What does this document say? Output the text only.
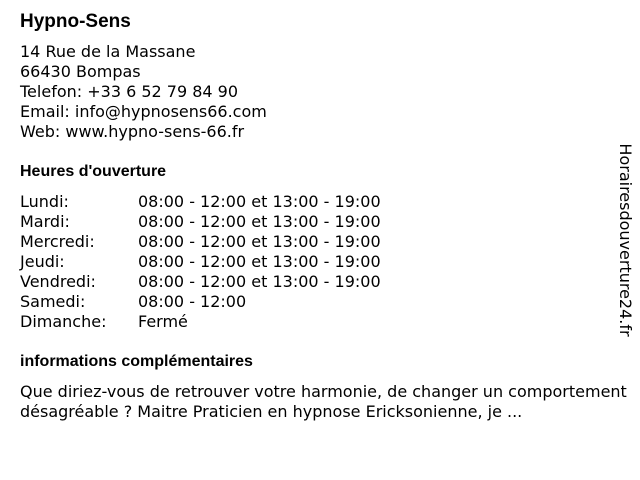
Hypno-Sens
14 Rue de la Massane
66430 Bompas
Telefon: +33 6 52 79 84 90
Email: info@hypnosens66.com
Web: www.hypno-sens-66.fr
Heures d'ouverture
Lundi:	08:00 - 12:00 et 13:00 - 19:00
Mardi:	08:00 - 12:00 et 13:00 - 19:00
Mercredi:	08:00 - 12:00 et 13:00 - 19:00
Jeudi:	08:00 - 12:00 et 13:00 - 19:00
Vendredi:	08:00 - 12:00 et 13:00 - 19:00
Samedi:	08:00 - 12:00
Dimanche:	Fermé
informations complémentaires

Que diriez-vous de retrouver votre harmonie, de changer un comportement désagréable ? Maitre Praticien en hypnose Ericksonienne, je ...

Horairesdouverture24.fr
